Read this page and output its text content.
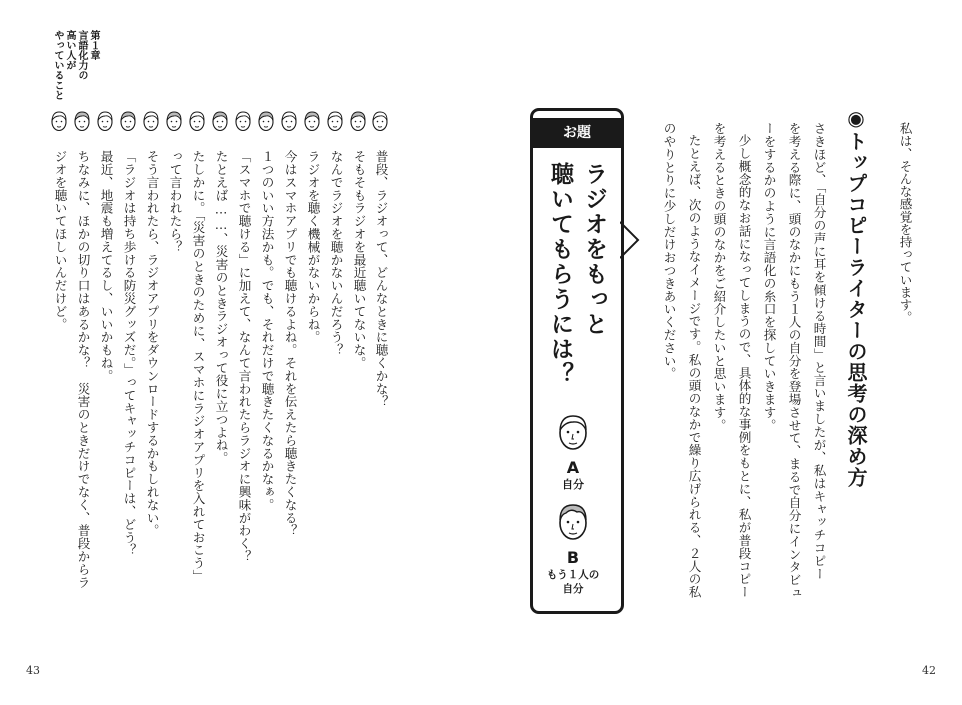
第１章
言語化力の
高い人が
やっていること
普段、ラジオって、どんなときに聴くかな？
そもそもラジオを最近聴いてないな。
なんでラジオを聴かないんだろう？
ラジオを聴く機械がないからね。
今はスマホアプリでも聴けるよね。それを伝えたら聴きたくなる？
１つのいい方法かも。でも、それだけで聴きたくなるかなぁ。
「スマホで聴ける」に加えて、なんて言われたらラジオに興味がわく？
たとえば……、災害のときラジオって役に立つよね。
たしかに。「災害のときのために、スマホにラジオアプリを入れておこう」
って言われたら？
そう言われたら、ラジオアプリをダウンロードするかもしれない。
「ラジオは持ち歩ける防災グッズだ。」ってキャッチコピーは、どう？
最近、地震も増えてるし、いいかもね。
ちなみに、ほかの切り口はあるかな？　災害のときだけでなく、普段からラ
ジオを聴いてほしいんだけど。
43
お題
ラジオをもっと
聴いてもらうには？
A
自分
B
もう１人の
自分
私は、そんな感覚を持っています。
◉トップコピーライターの思考の深め方
さきほど、「自分の声に耳を傾ける時間」と言いましたが、私はキャッチコピー
を考える際に、頭のなかにもう１人の自分を登場させて、まるで自分にインタビュ
ーをするかのように言語化の糸口を探していきます。
少し概念的なお話になってしまうので、具体的な事例をもとに、私が普段コピー
を考えるときの頭のなかをご紹介したいと思います。
たとえば、次のようなイメージです。私の頭のなかで繰り広げられる、２人の私
のやりとりに少しだけおつきあいください。
42
